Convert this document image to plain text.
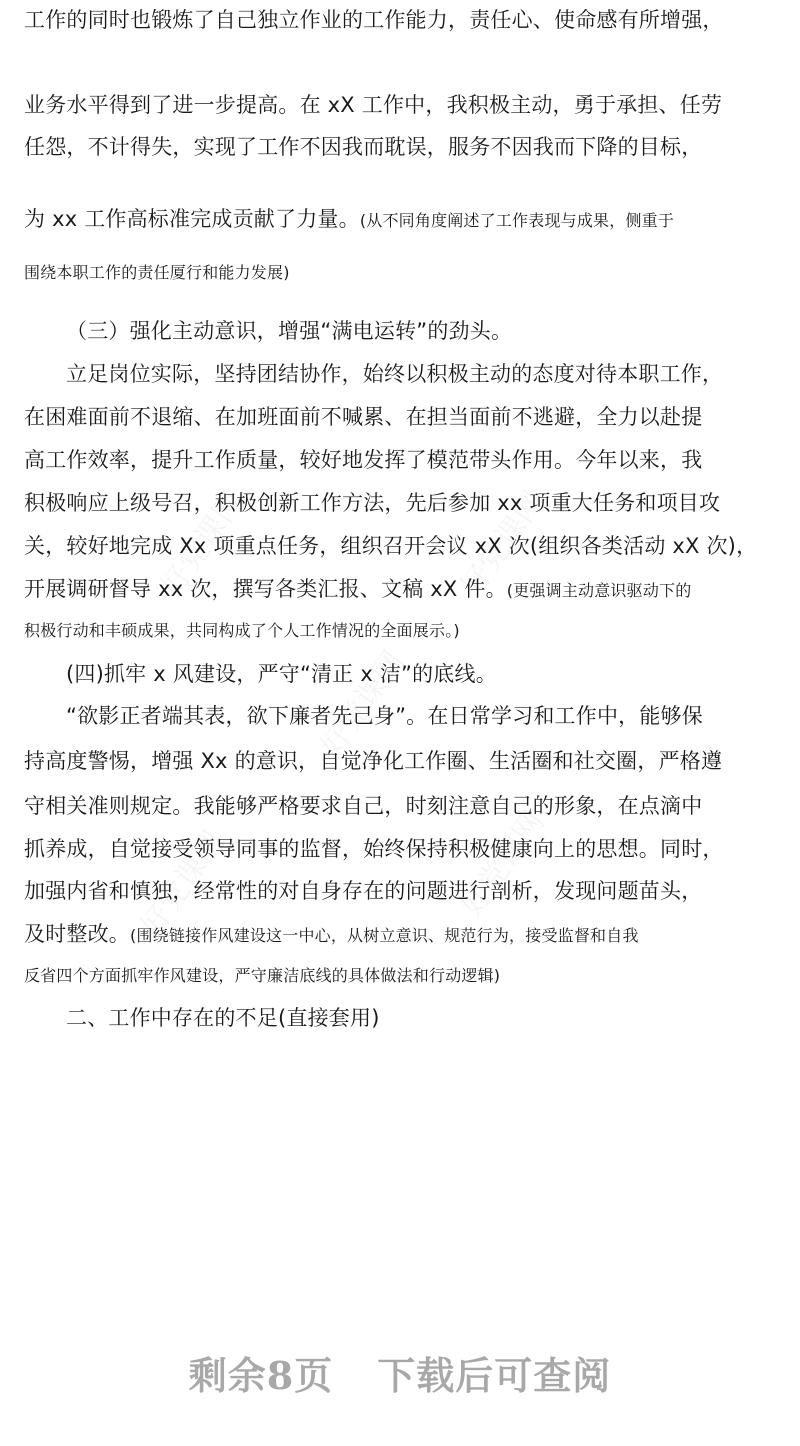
工作的同时也锻炼了自己独立作业的工作能力，责任心、使命感有所增强，
业务水平得到了进一步提高。在 xX 工作中，我积极主动，勇于承担、任劳
任怨，不计得失，实现了工作不因我而耽误，服务不因我而下降的目标，
为 xx 工作高标准完成贡献了力量。(从不同角度阐述了工作表现与成果，侧重于
围绕本职工作的责任厦行和能力发展)
（三）强化主动意识，增强“满电运转”的劲头。
立足岗位实际，坚持团结协作，始终以积极主动的态度对待本职工作，
在困难面前不退缩、在加班面前不喊累、在担当面前不逃避，全力以赴提
高工作效率，提升工作质量，较好地发挥了模范带头作用。今年以来，我
积极响应上级号召，积极创新工作方法，先后参加 xx 项重大任务和项目攻
关，较好地完成 Xx 项重点任务，组织召开会议 xX 次(组织各类活动 xX 次)，
开展调研督导 xx 次，撰写各类汇报、文稿 xX 件。(更强调主动意识驱动下的
积极行动和丰硕成果，共同构成了个人工作情况的全面展示。)
(四)抓牢 x 风建设，严守“清正 x 洁”的底线。
“欲影正者端其表，欲下廉者先己身”。在日常学习和工作中，能够保
持高度警惕，增强 Xx 的意识，自觉净化工作圈、生活圈和社交圈，严格遵
守相关准则规定。我能够严格要求自己，时刻注意自己的形象，在点滴中
抓养成，自觉接受领导同事的监督，始终保持积极健康向上的思想。同时，
加强内省和慎独，经常性的对自身存在的问题进行剖析，发现问题苗头，
及时整改。(围绕链接作风建设这一中心，从树立意识、规范行为，接受监督和自我
反省四个方面抓牢作风建设，严守廉洁底线的具体做法和行动逻辑)
二、工作中存在的不足(直接套用)
剩余8页 下载后可查阅
